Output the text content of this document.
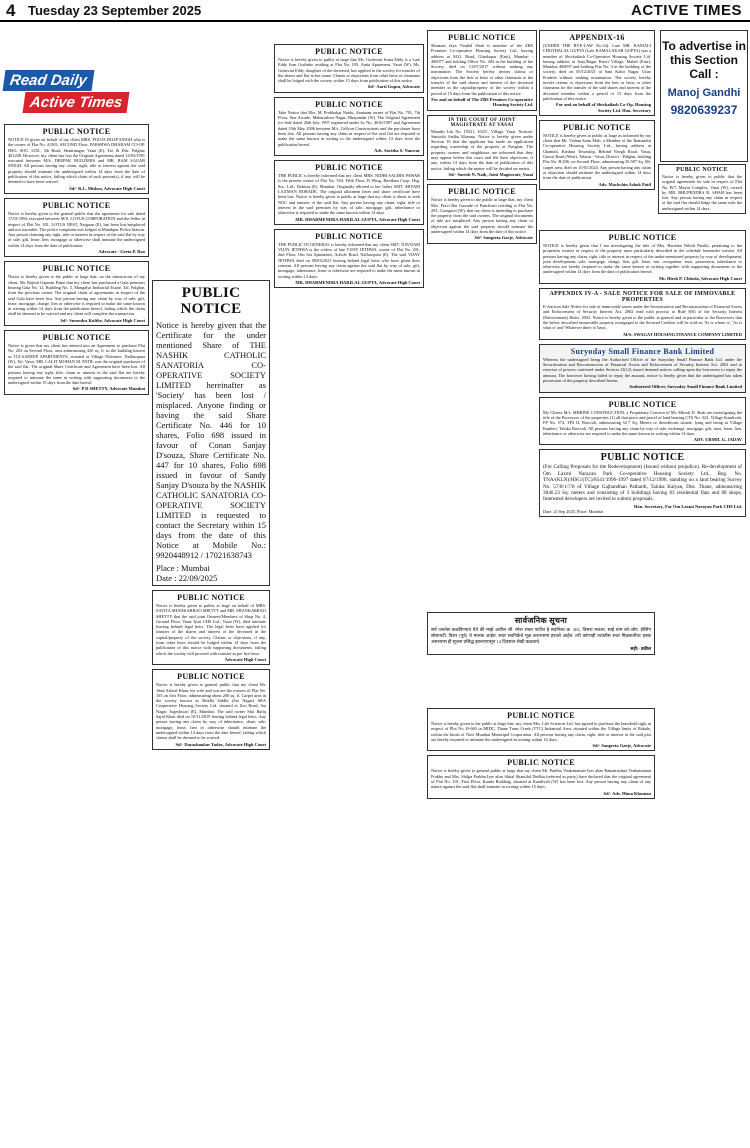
4 Tuesday 23 September 2025	ACTIVE TIMES
Read Daily
Active Times
PUBLIC NOTICE
NOTICE IS given on behalf of my client MRS. POOJA DILIP SINGH who is the owner of Flat No. A/503, SECOND Floor, PARSHWA DHARAM CO-OP. HSG. SOC. LTD., 5th Road, Shantinagar, Vasai (E), Tal. & Dist. Palghar 401208. However, my client has lost the Original Agreement dated 14/03/1991 executed between M/S. DEEPAK BUILDERS and MR. RAM SAGAR SINGH. All persons having any claim, right, title or interest against the said property should intimate the undersigned within 14 days from the date of publication of this notice, failing which claim of such person(s), if any, will be deemed to have been waived.
Sd/- R.L. Mishra, Advocate High Court
PUBLIC NOTICE
Notice is hereby given to the general public that the agreement for sale dated 17/01/1994 executed between M/S. LOTUS CORPORATION and the Seller in respect of Flat No. 301, LOTUS NEST, Naigaon (E), has been lost/misplaced and not traceable. The police complaint was lodged at Manikpur Police Station. Any person claiming any right, title or interest in respect of the said flat by way of sale, gift, lease, lien, mortgage or otherwise shall intimate the undersigned within 14 days from the date of publication.
Advocate - Geeta P. Rao
PUBLIC NOTICE
Notice is hereby given to the public at large that, on the instructions of my client, Mr. Rajesh Gajanan Patne that my client has purchased a Gala premises bearing Gala No. 12, Building No. 5, Mangalya Industrial Estate, Tal. Palghar, from the previous owner. The original chain of agreements in respect of the said Gala have been lost. Any person having any claim by way of sale, gift, lease, mortgage, charge, lien or otherwise is required to make the same known in writing within 14 days from the publication hereof, failing which the claim shall be deemed to be waived and my client will complete the transaction.
Sd/- Surendra Kulthe, Advocate High Court
PUBLIC NOTICE
Notice is given that my client has entered into an Agreement to purchase Flat No. 203 on Second Floor, area admeasuring 420 sq. ft. in the building known as TULSADEEP APARTMENTS, situated at Village Nilemore, Nallasopara (W), Tal. Vasai. MR. LALIT MOHAN M. PATIL was the original purchaser of the said flat. The original Share Certificate and Agreement have been lost. All persons having any right, title, claim or interest in the said flat are hereby required to intimate the same in writing with supporting documents to the undersigned within 15 days from the date hereof.
Sd/- P D SHETTY, Advocate Mumbai
PUBLIC NOTICE
Notice is hereby given that the Certificate for the under mentioned Share of THE NASHIK CATHOLIC SANATORIA CO-OPERATIVE SOCIETY LIMITED hereinafter as 'Society' has been lost / misplaced. Anyone finding or having the said Share Certificate No. 446 for 10 shares, Folio 698 issued in favour of Conan Sanjay D'souza, Share Certificate No. 447 for 10 shares, Folio 698 issued in favour of Sandy Sanjay D'souza by the NASHIK CATHOLIC SANATORIA CO-OPERATIVE SOCIETY LIMITED is requested to contact the Secretary within 15 days from the date of this Notice at Mobile No.: 9920448912 / 17021638743
Place : Mumbai
Date : 22/09/2025
PUBLIC NOTICE
Notice is hereby given to public at large on behalf of MRS. SAVITA SHANKARRAO SHETTY and MR. SHANKARRAO SHETTY that the said joint Owners/Members of Shop No. 4, Ground Floor, Vasai Jyoti CHS Ltd., Vasai (W), died intestate leaving behind legal heirs. The legal heirs have applied for transfer of the shares and interest of the deceased in the capital/property of the society. Claims or objections, if any, from other heirs should be lodged within 14 days from the publication of this notice with supporting documents, failing which the society will proceed with transfer as per bye-laws.
Advocate High Court
PUBLIC NOTICE
Notice is hereby given to general public that my client Mr. Abul Ashraf Khan, his wife and son are the owners of Flat No. 103 on first Floor, admeasuring about 280 sq. ft. Carpet area in the society known as Riddhi Siddhi (Sai Nagar) SRA Cooperative Housing Society Ltd. situated at Zoo Road, Sai Nagar, Jogeshwari (E), Mumbai. The said owner Shri Rafiq Sajid Khan died on 10/11/2019 leaving behind legal heirs. Any person having any claim by way of inheritance, share, sale, mortgage, lease, lien or otherwise should intimate the undersigned within 14 days from the date hereof, failing which claims shall be deemed to be waived.
Sd/- Dayashankar Yadav, Advocate High Court
PUBLIC NOTICE
Notice is hereby given to public at large that Ms. Godavini Ivana Eddy is a Late Eddy Ivan Godinho residing at Flat No. 105, Anita Apartment, Vasai (W). Ms. Godavini Eddy, daughter of the deceased, has applied to the society for transfer of the shares and flat in her name. Claims or objections from other heirs or claimants shall be lodged with the society within 15 days from publication of this notice.
Sd/- Aarti Gupta, Advocate
PUBLIC NOTICE
Take Notice that Mrs. M. Prabhakar Naidu, Aantaran owner of Flat No. 701, 7th Floor, Star Arcade, Maharashtra Nagar, Bhayandar (W). The Original Agreement for Sale dated 26th July 1997 registered under Sr. No. 4016/1997 and Agreement dated 19th May 2006 between M/s. Cellcon Constructions and the purchaser have been lost. All persons having any claim in respect of the said flat are required to make the same known in writing to the undersigned within 14 days from the publication hereof.
Adv. Savitha S. Nanwar
PUBLIC NOTICE
THE PUBLIC is hereby informed that my client MRS. NIDHI SACHIN PAWAR is the present owner of Flat No. 504, Fifth Floor, B Wing, Bavdhan Coop. Hsg. Soc. Ltd., Dahisar (E), Mumbai. Originally allotted to her father SMT. SHYAM LAXMAN BOBADE. The original allotment letter and share certificate have been lost. Notice is hereby given to public at large that my client is about to seek NOC and transfer of the said flat. Any person having any claim, right, title or interest in the said premises by way of sale, mortgage, gift, inheritance or otherwise is required to make the same known within 14 days.
MR. DHARMENDRA HARILAL GUPTA, Advocate High Court
PUBLIC NOTICE
THE PUBLIC IN GENERAL is hereby informed that my client SMT. NAVNAM VIJAY JETHWA is the widow of late VIJAY JETHWA, owner of Flat No. 201, 2nd Floor, Om Sai Apartment, Achole Road, Nallasopara (E). The said VIJAY JETHWA died on 09/03/2021 leaving behind legal heirs who have given their consent. All persons having any claim against the said flat by way of sale, gift, mortgage, inheritance, lease or otherwise are required to make the same known in writing within 14 days.
MR. DHARMENDRA HARILAL GUPTA, Advocate High Court
PUBLIC NOTICE
Shrimati Jaya Vinitlal Shah is member of the ZBS Premises Co-operative Housing Society Ltd., having address at M.G. Road, Ghatkopar (East), Mumbai - 400077 and holding Office No. 404 in the building of the Society, died on 13/07/2017 without making any nomination. The Society hereby invites claims or objections from the heir or heirs or other claimants to the transfer of the said shares and interest of the deceased member in the capital/property of the society within a period of 15 days from the publication of this notice.
For and on behalf of The ZBS Premises Co-operative Housing Society Ltd.
IN THE COURT OF JOINT MAGISTRATE AT VASAI
Marathi Lok No. 19321, 102/C, Village, Vasai. Noticee: Santoshi Sadhu Khanna. Notice is hereby given under Section 16 that the applicant has made an application regarding ownership of the property at Navghar. The property owners and neighbours are informed that they may appear before this court and file their objections, if any, within 14 days from the date of publication of this notice, failing which the matter will be decided on merits.
Sd/- Suresh N. Naik, Joint Magistrate, Vasai
PUBLIC NOTICE
Notice is hereby given to the public at large that, my client Mrs. Pravi Bai Gawade of Panchvati residing at Flat No. 203, Goregaon (W), that my client is intending to purchase the property from the said owners. The original documents of title are misplaced. Any person having any claim or objection against the said property should intimate the undersigned within 14 days from the date of this notice.
Sd/- Sangeeta Garje, Advocate
APPENDIX-16
(UNDER THE BYE-LAW No.34). Late MR. KAMALI CHOTHALAL GUPTA (Late KAMALAKAR GUPTA) was a member of Shivkailash Co-Operative Housing Society Ltd. having address at Jony/Ragar Kuvri Village, Malad (East), Mumbai 400097 and holding Flat No. 4 in the building of the society, died on 05/12/2021 at Sant Kabir Nagar, Uttar Pradesh without making nomination. The society hereby invites claims or objections from the heir or heirs or other claimants for the transfer of the said shares and interest of the deceased member within a period of 15 days from the publication of this notice.
For and on behalf of Shivkailash Co-Op. Housing Society Ltd. Hon. Secretary
PUBLIC NOTICE
NOTICE is hereby given to public at large as informed by my client that Mr. Vishnu Sonu Mali, a Member of the Ramaaditi Co-operative Housing Society Ltd., having address at Ghantali, Krishna Township, Behind Navgh Road, Vasai, Gawai Road (West), Talasai - Vasai, District - Palghar, holding Flat No. B/206, on Second Floor, admeasuring 35.587 Sq. Mt. carpet area, died on 10/01/2024. Any person having any claim or objection should intimate the undersigned within 14 days from the date of publication.
Adv. Machchin Ashok Patil
सार्वजनिक सूचना
सर्व जनतेस कळविण्यात येते की माझे अशील श्री. रमेश शंकर पाटील हे सदनिका क्र. 302, तिसरा मजला, साई धाम को-ऑप. हौसिंग सोसायटी, विरार (पूर्व) चे मालक आहेत. सदर सदनिकेचे मूळ करारनामा हरवले आहेत. तरी कोणाही व्यक्तीस सदर मिळकतीवर हक्क असल्यास ही सूचना प्रसिद्ध झाल्यापासून 14 दिवसांत लेखी कळवावे.
सही/- वकील
PUBLIC NOTICE
Notice is hereby given to the public at large that, my client Mrs. Life Sciences Ltd. has agreed to purchase the leasehold right in respect of Plot No. R-665 in MIDC, Thane Trans Creek (TTC) Industrial Area, situated within the Village limits of Rabale, within the limits of Navi Mumbai Municipal Corporation. All persons having any claim, right, title or interest in the said plot are hereby required to intimate the undersigned in writing within 14 days.
Sd/- Sangeeta Garje, Advocate
PUBLIC NOTICE
Notice is hereby given to general public at large that my client Mr. Prabhu Venkatraman Iyer alias Ramakrishna Venkatraman Prabhu and Mrs. Shilpa Prabhu Iyer alias Shital Shantilal Dedhia (referred as party) have declared that the original agreement of Flat No. 101, First Floor, Kamla Building, situated at Kandivali (W) has been lost. Any person having any claim of any nature against the said flat shall intimate in writing within 15 days.
Sd/- Adv. Hima Khuman
To advertise in this Section Call :
Manoj Gandhi
9820639237
PUBLIC NOTICE
Notice is hereby given to public that the original agreement for sale in respect of Flat No. B/7, Mayur Complex, Vasai (W), owned by MR. BHUPENDRA R. SHAH has been lost. Any person having any claim in respect of the said flat should lodge the same with the undersigned within 14 days.
PUBLIC NOTICE
NOTICE is hereby given that I am investigating the title of Mrs. Harshna Nilesh Parikh, pertaining to the properties owners in respect of the property more particularly described in the schedule hereunder written. All persons having any claim, right, title or interest in respect of the under mentioned property by way of development, joint development, sale, mortgage, charge, lien, gift, lease, use, occupation, trust, possession, inheritance or otherwise are hereby required to make the same known in writing together with supporting documents to the undersigned within 14 days from the date of publication hereof.
Mr. Hiesh P. Chheda, Advocate High Court
APPENDIX IV-A - SALE NOTICE FOR SALE OF IMMOVABLE PROPERTIES
E-Auction Sale Notice for sale of immovable assets under the Securitisation and Reconstruction of Financial Assets and Enforcement of Security Interest Act, 2002 read with proviso to Rule 8(6) of the Security Interest (Enforcement) Rules, 2002. Notice is hereby given to the public in general and in particular to the Borrowers that the below described immovable property mortgaged to the Secured Creditor will be sold on 'As is where is', 'As is what is' and 'Whatever there is' basis.
M/S. SWAGAT HOUSING FINANCE COMPANY LIMITED
Suryoday Small Finance Bank Limited
Whereas the undersigned being the Authorised Officer of the Suryoday Small Finance Bank Ltd. under the Securitisation and Reconstruction of Financial Assets and Enforcement of Security Interest Act, 2002 and in exercise of powers conferred under Section 13(12) issued demand notices calling upon the borrowers to repay the amount. The borrower having failed to repay the amount, notice is hereby given that the undersigned has taken possession of the property described herein.
Authorised Officer, Suryoday Small Finance Bank Limited
PUBLIC NOTICE
My Clients M/s. SHIRINE CONSTRUCTION, a Proprietary Concern of Mr. Mitesh D. Shah are investigating the title of the Purveyors of the properties (1) all that piece and parcel of land bearing CTS No. 322, Village Kandivali, FP No. 574, TPS II, Borivali, admeasuring 52.7 Sq. Meters or thereabouts situate, lying and being at Village Kanheri, Taluka Borivali. All persons having any claim by way of sale, exchange, mortgage, gift, trust, lease, lien, inheritance or otherwise are required to make the same known in writing within 14 days.
ADV. URMIL G. JADAV
PUBLIC NOTICE
(For Calling Proposals for the Redevelopment) (Issued without prejudice). Re-development of Om Laxmi Narayan Park Co-operative Housing Society Ltd., Reg. No. TNA/(KLN)/HSG/(TC)/8541/1996-1997 dated 07/12/1996, standing on a land bearing Survey No. 57/8/1/7/8 of Village Gajbandhan Pathardi, Taluka Kalyan, Dist. Thane, admeasuring 3046.23 Sq. meters and consisting of 3 buildings having 83 residential flats and 08 shops. Interested developers are invited to submit proposals.
Hon. Secretary, For Om Laxmi Narayan Park CHS Ltd.
Date: 23 Sep 2025, Place: Mumbai
